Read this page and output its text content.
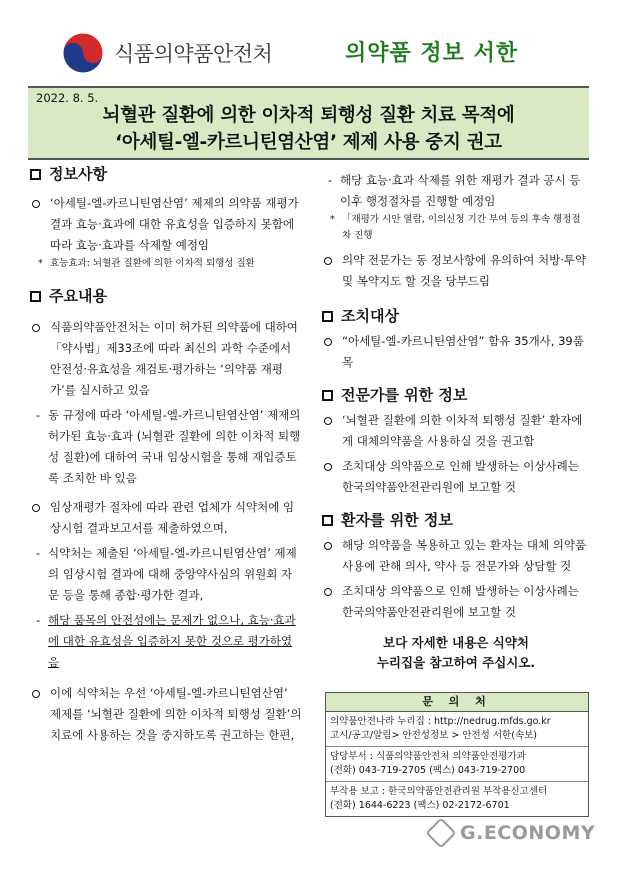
식품의약품안전처	의약품 정보 서한
2022. 8. 5.
뇌혈관 질환에 의한 이차적 퇴행성 질환 치료 목적에
‘아세틸-엘-카르니틴염산염’ 제제 사용 중지 권고

정보사항

‘아세틸-엘-카르니틴염산염’ 제제의 의약품 재평가 결과 효능·효과에 대한 유효성을 입증하지 못함에 따라 효능·효과를 삭제할 예정임

* 효능효과: 뇌혈관 질환에 의한 이차적 퇴행성 질환

주요내용

식품의약품안전처는 이미 허가된 의약품에 대하여 「약사법」제33조에 따라 최신의 과학 수준에서 안전성·유효성을 재검토·평가하는 ‘의약품 재평가’를 실시하고 있음

- 동 규정에 따라 ‘아세틸-엘-카르니틴염산염’ 제제의 허가된 효능·효과 (뇌혈관 질환에 의한 이차적 퇴행성 질환)에 대하여 국내 임상시험을 통해 재입증토록 조치한 바 있음

임상재평가 절차에 따라 관련 업체가 식약처에 임상시험 결과보고서를 제출하였으며,

- 식약처는 제출된 ‘아세틸-엘-카르니틴염산염’ 제제의 임상시험 결과에 대해 중앙약사심의 위원회 자문 등을 통해 종합·평가한 결과,

- 해당 품목의 안전성에는 문제가 없으나, 효능·효과에 대한 유효성을 입증하지 못한 것으로 평가하였음

이에 식약처는 우선 ‘아세틸-엘-카르니틴염산염’ 제제를 ‘뇌혈관 질환에 의한 이차적 퇴행성 질환’의 치료에 사용하는 것을 중지하도록 권고하는 한편,

- 해당 효능·효과 삭제를 위한 재평가 결과 공시 등 이후 행정절차를 진행할 예정임

* 「재평가 시안 열람, 이의신청 기간 부여 등의 후속 행정절차 진행

의약 전문가는 동 정보사항에 유의하여 처방·투약 및 복약지도 할 것을 당부드림

조치대상

“아세틸-엘-카르니틴염산염” 함유 35개사, 39품목

전문가를 위한 정보

‘뇌혈관 질환에 의한 이차적 퇴행성 질환’ 환자에게 대체의약품을 사용하실 것을 권고함

조치대상 의약품으로 인해 발생하는 이상사례는 한국의약품안전관리원에 보고할 것

환자를 위한 정보

해당 의약품을 복용하고 있는 환자는 대체 의약품 사용에 관해 의사, 약사 등 전문가와 상담할 것

조치대상 의약품으로 인해 발생하는 이상사례는 한국의약품안전관리원에 보고할 것

보다 자세한 내용은 식약처
누리집을 참고하여 주십시오.
문 의 처
의약품안전나라 누리집 : http://nedrug.mfds.go.kr
고시/공고/알림> 안전성정보 > 안전성 서한(속보)
담당부서 : 식품의약품안전처 의약품안전평가과
(전화) 043-719-2705 (팩스) 043-719-2700
부작용 보고 : 한국의약품안전관리원 부작용신고센터
(전화) 1644-6223 (팩스) 02-2172-6701
G.ECONOMY
